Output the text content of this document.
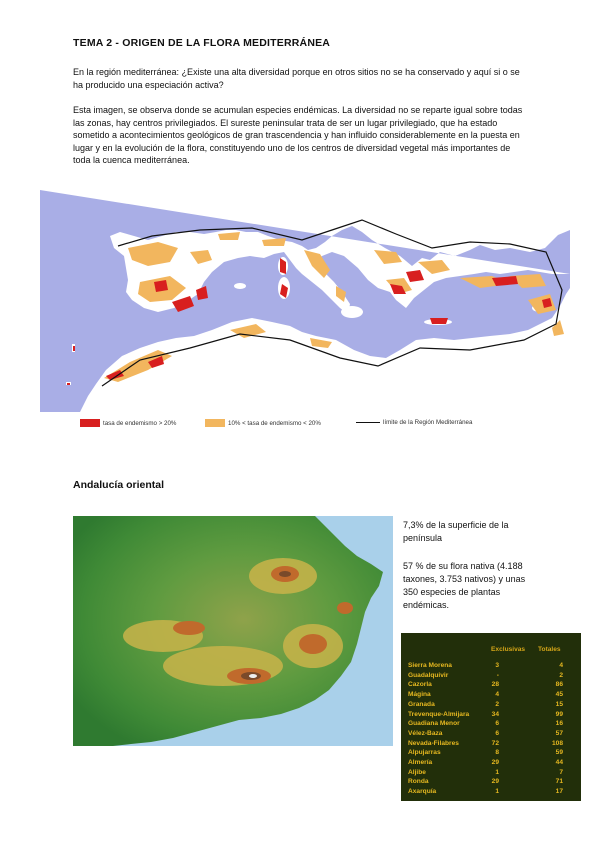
TEMA 2 - ORIGEN DE LA FLORA MEDITERRÁNEA
En la región mediterránea: ¿Existe una alta diversidad porque en otros sitios no se ha conservado y aquí si o se ha producido una especiación activa?
Esta imagen, se observa donde se acumulan especies endémicas. La diversidad no se reparte igual sobre todas las zonas, hay centros privilegiados. El sureste peninsular trata de ser un lugar privilegiado, que ha estado sometido a acontecimientos geológicos de gran trascendencia y han influido considerablemente en la puesta en lugar y en la evolución de la flora, constituyendo uno de los centros de diversidad vegetal más importantes de toda la cuenca mediterránea.
tasa de endemismo > 20%	10% < tasa de endemismo < 20%	límite de la Región Mediterránea
Andalucía oriental
7,3% de la superficie de la península
57 % de su flora nativa (4.188 taxones, 3.753 nativos) y unas 350 especies de plantas endémicas.
Exclusivas Totales
Sierra Morena	3	4
Guadalquivir	-	2
Cazorla	28	86
Mágina	4	45
Granada	2	15
Trevenque-Almijara	34	99
Guadiana Menor	6	16
Vélez-Baza	6	57
Nevada-Filabres	72	108
Alpujarras	8	59
Almería	29	44
Aljibe	1	7
Ronda	29	71
Axarquía	1	17
